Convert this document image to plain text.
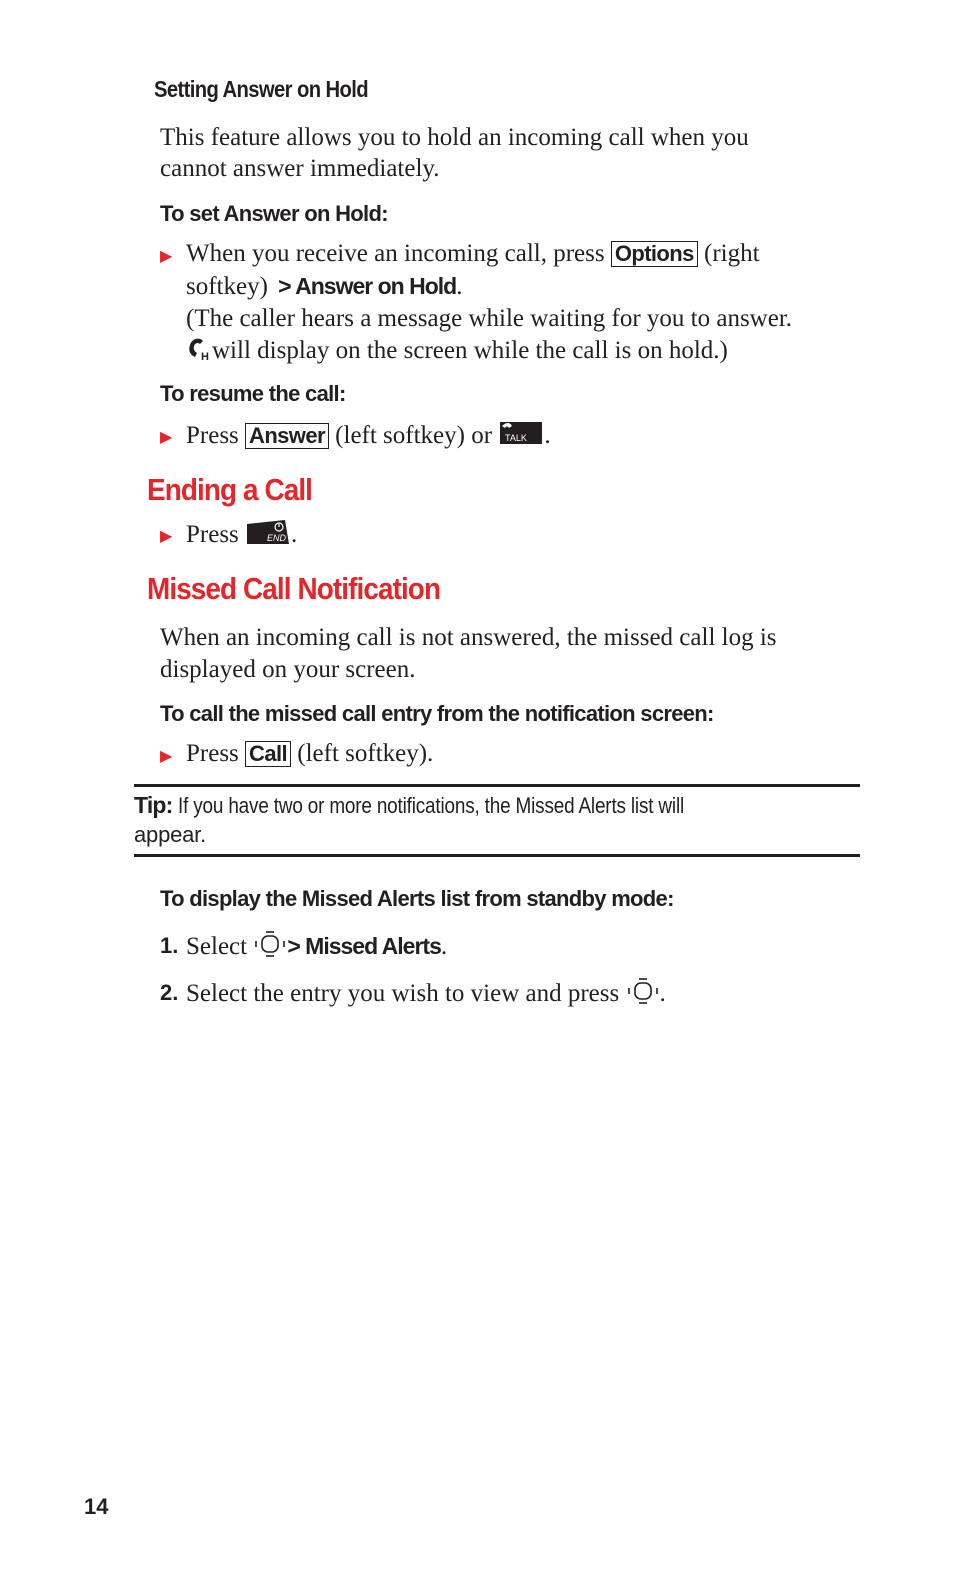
Setting Answer on Hold
This feature allows you to hold an incoming call when you
cannot answer immediately.
To set Answer on Hold:
▶ When you receive an incoming call, press Options (right
softkey) > Answer on Hold.
(The caller hears a message while waiting for you to answer.
H will display on the screen while the call is on hold.)
To resume the call:
▶ Press Answer (left softkey) or TALK .
Ending a Call
▶ Press	END .
Missed Call Notification
When an incoming call is not answered, the missed call log is
displayed on your screen.
To call the missed call entry from the notification screen:
▶ Press Call (left softkey).
Tip: If you have two or more notifications, the Missed Alerts list will
appear.
To display the Missed Alerts list from standby mode:
1. Select > Missed Alerts.
2. Select the entry you wish to view and press .
14
